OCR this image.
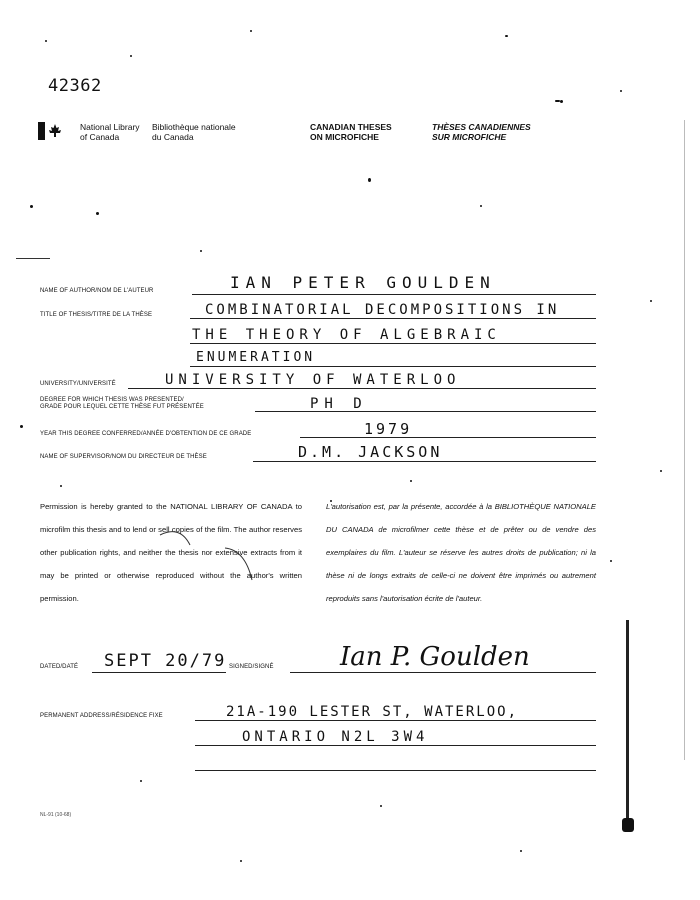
42362
National Library
of Canada
Bibliothèque nationale
du Canada
CANADIAN THESES
ON MICROFICHE
THÈSES CANADIENNES
SUR MICROFICHE
NAME OF AUTHOR/NOM DE L'AUTEUR	IAN PETER GOULDEN
TITLE OF THESIS/TITRE DE LA THÈSE	COMBINATORIAL DECOMPOSITIONS IN
THE THEORY OF ALGEBRAIC
ENUMERATION
UNIVERSITY/UNIVERSITÉ	UNIVERSITY OF WATERLOO
DEGREE FOR WHICH THESIS WAS PRESENTED/
GRADE POUR LEQUEL CETTE THÈSE FUT PRÉSENTÉE	PH D
YEAR THIS DEGREE CONFERRED/ANNÉE D'OBTENTION DE CE GRADE	1979
NAME OF SUPERVISOR/NOM DU DIRECTEUR DE THÈSE	D.M. JACKSON
Permission is hereby granted to the NATIONAL LIBRARY OF CANADA to microfilm this thesis and to lend or sell copies of the film. The author reserves other publication rights, and neither the thesis nor extensive extracts from it may be printed or otherwise reproduced without the author's written permission.
L'autorisation est, par la présente, accordée à la BIBLIOTHÈQUE NATIONALE DU CANADA de microfilmer cette thèse et de prêter ou de vendre des exemplaires du film. L'auteur se réserve les autres droits de publication; ni la thèse ni de longs extraits de celle-ci ne doivent être imprimés ou autrement reproduits sans l'autorisation écrite de l'auteur.
DATED/DATÉ SEPT 20/79 SIGNED/SIGNÉ	Ian P. Goulden
PERMANENT ADDRESS/RÉSIDENCE FIXE	21A-190 LESTER ST, WATERLOO,
ONTARIO N2L 3W4
NL-91 (10-68)
